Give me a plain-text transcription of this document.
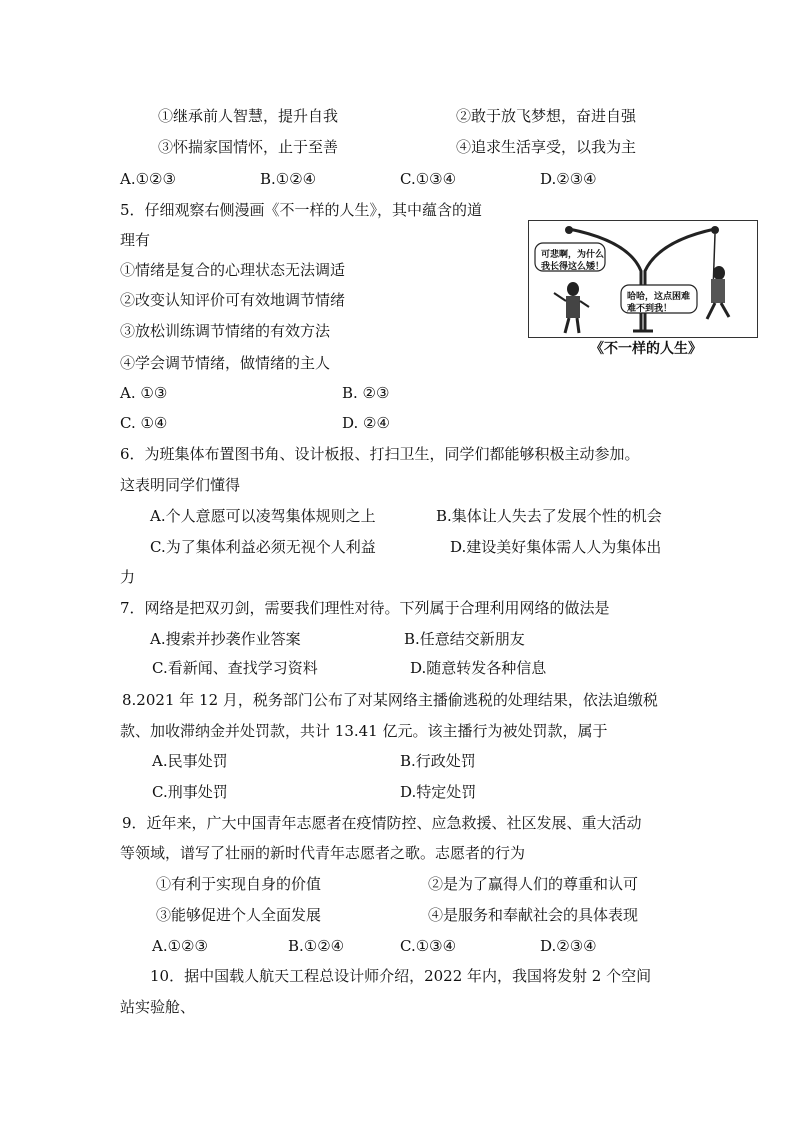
①继承前人智慧，提升自我	②敢于放飞梦想，奋进自强
③怀揣家国情怀，止于至善	④追求生活享受，以我为主
A.①②③	B.①②④	C.①③④	D.②③④
5．仔细观察右侧漫画《不一样的人生》，其中蕴含的道
理有
①情绪是复合的心理状态无法调适
②改变认知评价可有效地调节情绪
③放松训练调节情绪的有效方法
④学会调节情绪，做情绪的主人
A. ①③	B. ②③
C. ①④	D. ②④
可悲啊，为什么
我长得这么矮！
哈哈，这点困难
难不到我！
《不一样的人生》
6．为班集体布置图书角、设计板报、打扫卫生，同学们都能够积极主动参加。
这表明同学们懂得
A.个人意愿可以凌驾集体规则之上	B.集体让人失去了发展个性的机会
C.为了集体利益必须无视个人利益	D.建设美好集体需人人为集体出
力
7．网络是把双刃剑，需要我们理性对待。下列属于合理利用网络的做法是
A.搜索并抄袭作业答案	B.任意结交新朋友
C.看新闻、查找学习资料	D.随意转发各种信息
8.2021 年 12 月，税务部门公布了对某网络主播偷逃税的处理结果，依法追缴税
款、加收滞纳金并处罚款，共计 13.41 亿元。该主播行为被处罚款，属于
A.民事处罚	B.行政处罚
C.刑事处罚	D.特定处罚
9．近年来，广大中国青年志愿者在疫情防控、应急救援、社区发展、重大活动
等领域，谱写了壮丽的新时代青年志愿者之歌。志愿者的行为
①有利于实现自身的价值	②是为了赢得人们的尊重和认可
③能够促进个人全面发展	④是服务和奉献社会的具体表现
A.①②③	B.①②④	C.①③④	D.②③④
10．据中国载人航天工程总设计师介绍，2022 年内，我国将发射 2 个空间
站实验舱、
